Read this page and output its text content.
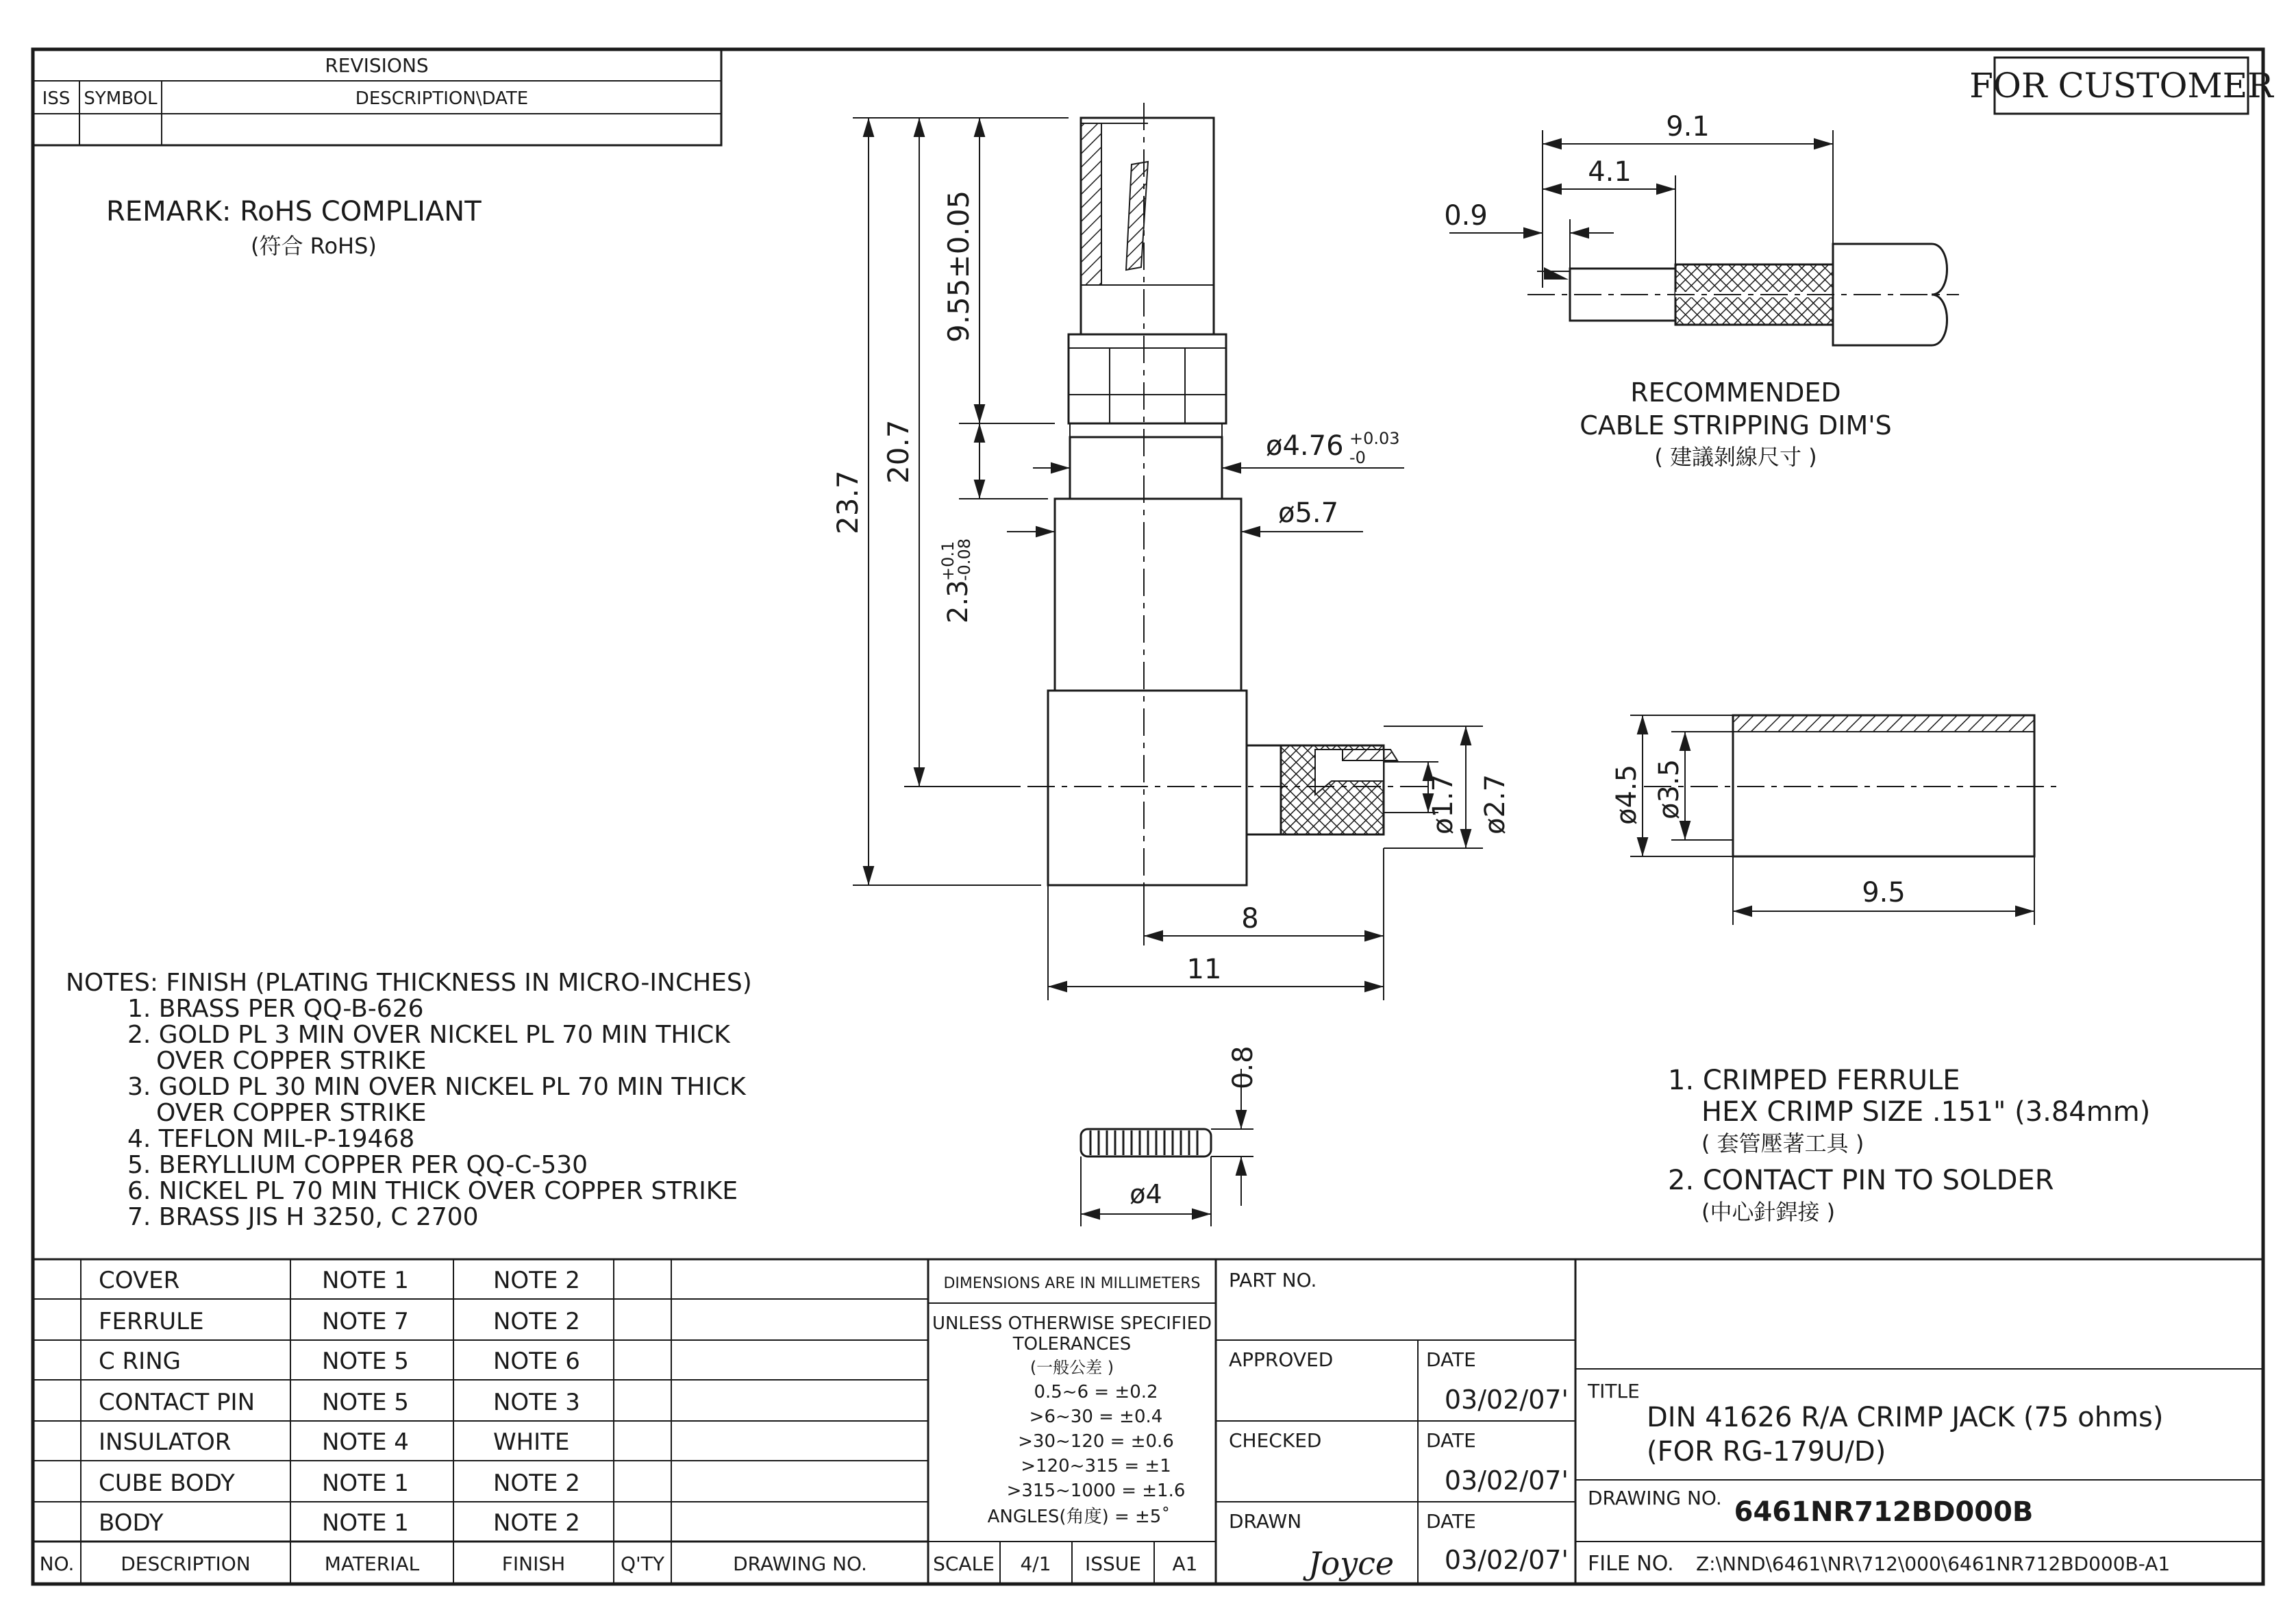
REVISIONS
ISS SYMBOL	DESCRIPTION\DATE	FOR CUSTOMER
REMARK: RoHS COMPLIANT
(符合 RoHS)
23.7
20.7
9.55±0.05
2.3
+0.1
-0.08
ø4.76 +0.03
-0
ø5.7
ø1.7 ø2.7
8
11
0.8
ø4
9.1
4.1
0.9
RECOMMENDED
CABLE STRIPPING DIM'S
( 建議剝線尺寸 )
ø4.5 ø3.5
9.5
1. CRIMPED FERRULE
HEX CRIMP SIZE .151" (3.84mm)
( 套管壓著工具 )
2. CONTACT PIN TO SOLDER
(中心針銲接 )
NOTES: FINISH (PLATING THICKNESS IN MICRO-INCHES)
1. BRASS PER QQ-B-626
2. GOLD PL 3 MIN OVER NICKEL PL 70 MIN THICK
OVER COPPER STRIKE
3. GOLD PL 30 MIN OVER NICKEL PL 70 MIN THICK
OVER COPPER STRIKE
4. TEFLON MIL-P-19468
5. BERYLLIUM COPPER PER QQ-C-530
6. NICKEL PL 70 MIN THICK OVER COPPER STRIKE
7. BRASS JIS H 3250, C 2700
COVER	NOTE 1	NOTE 2
FERRULE	NOTE 7	NOTE 2
C RING	NOTE 5	NOTE 6
CONTACT PIN	NOTE 5	NOTE 3
INSULATOR	NOTE 4	WHITE
CUBE BODY	NOTE 1	NOTE 2
BODY	NOTE 1	NOTE 2
NO. DESCRIPTION	MATERIAL	FINISH	Q'TY	DRAWING NO.
DIMENSIONS ARE IN MILLIMETERS
UNLESS OTHERWISE SPECIFIED
TOLERANCES
(一般公差 )
0.5~6 = ±0.2
>6~30 = ±0.4
>30~120 = ±0.6
>120~315 = ±1
>315~1000 = ±1.6
ANGLES(角度) = ±5˚
SCALE 4/1 ISSUE A1
PART NO.
APPROVED	DATE
03/02/07'
CHECKED	DATE
03/02/07'
DRAWN	DATE
Joyce 03/02/07'
TITLE
DIN 41626 R/A CRIMP JACK (75 ohms)
(FOR RG-179U/D)
DRAWING NO. 6461NR712BD000B
FILE NO. Z:\NND\6461\NR\712\000\6461NR712BD000B-A1
